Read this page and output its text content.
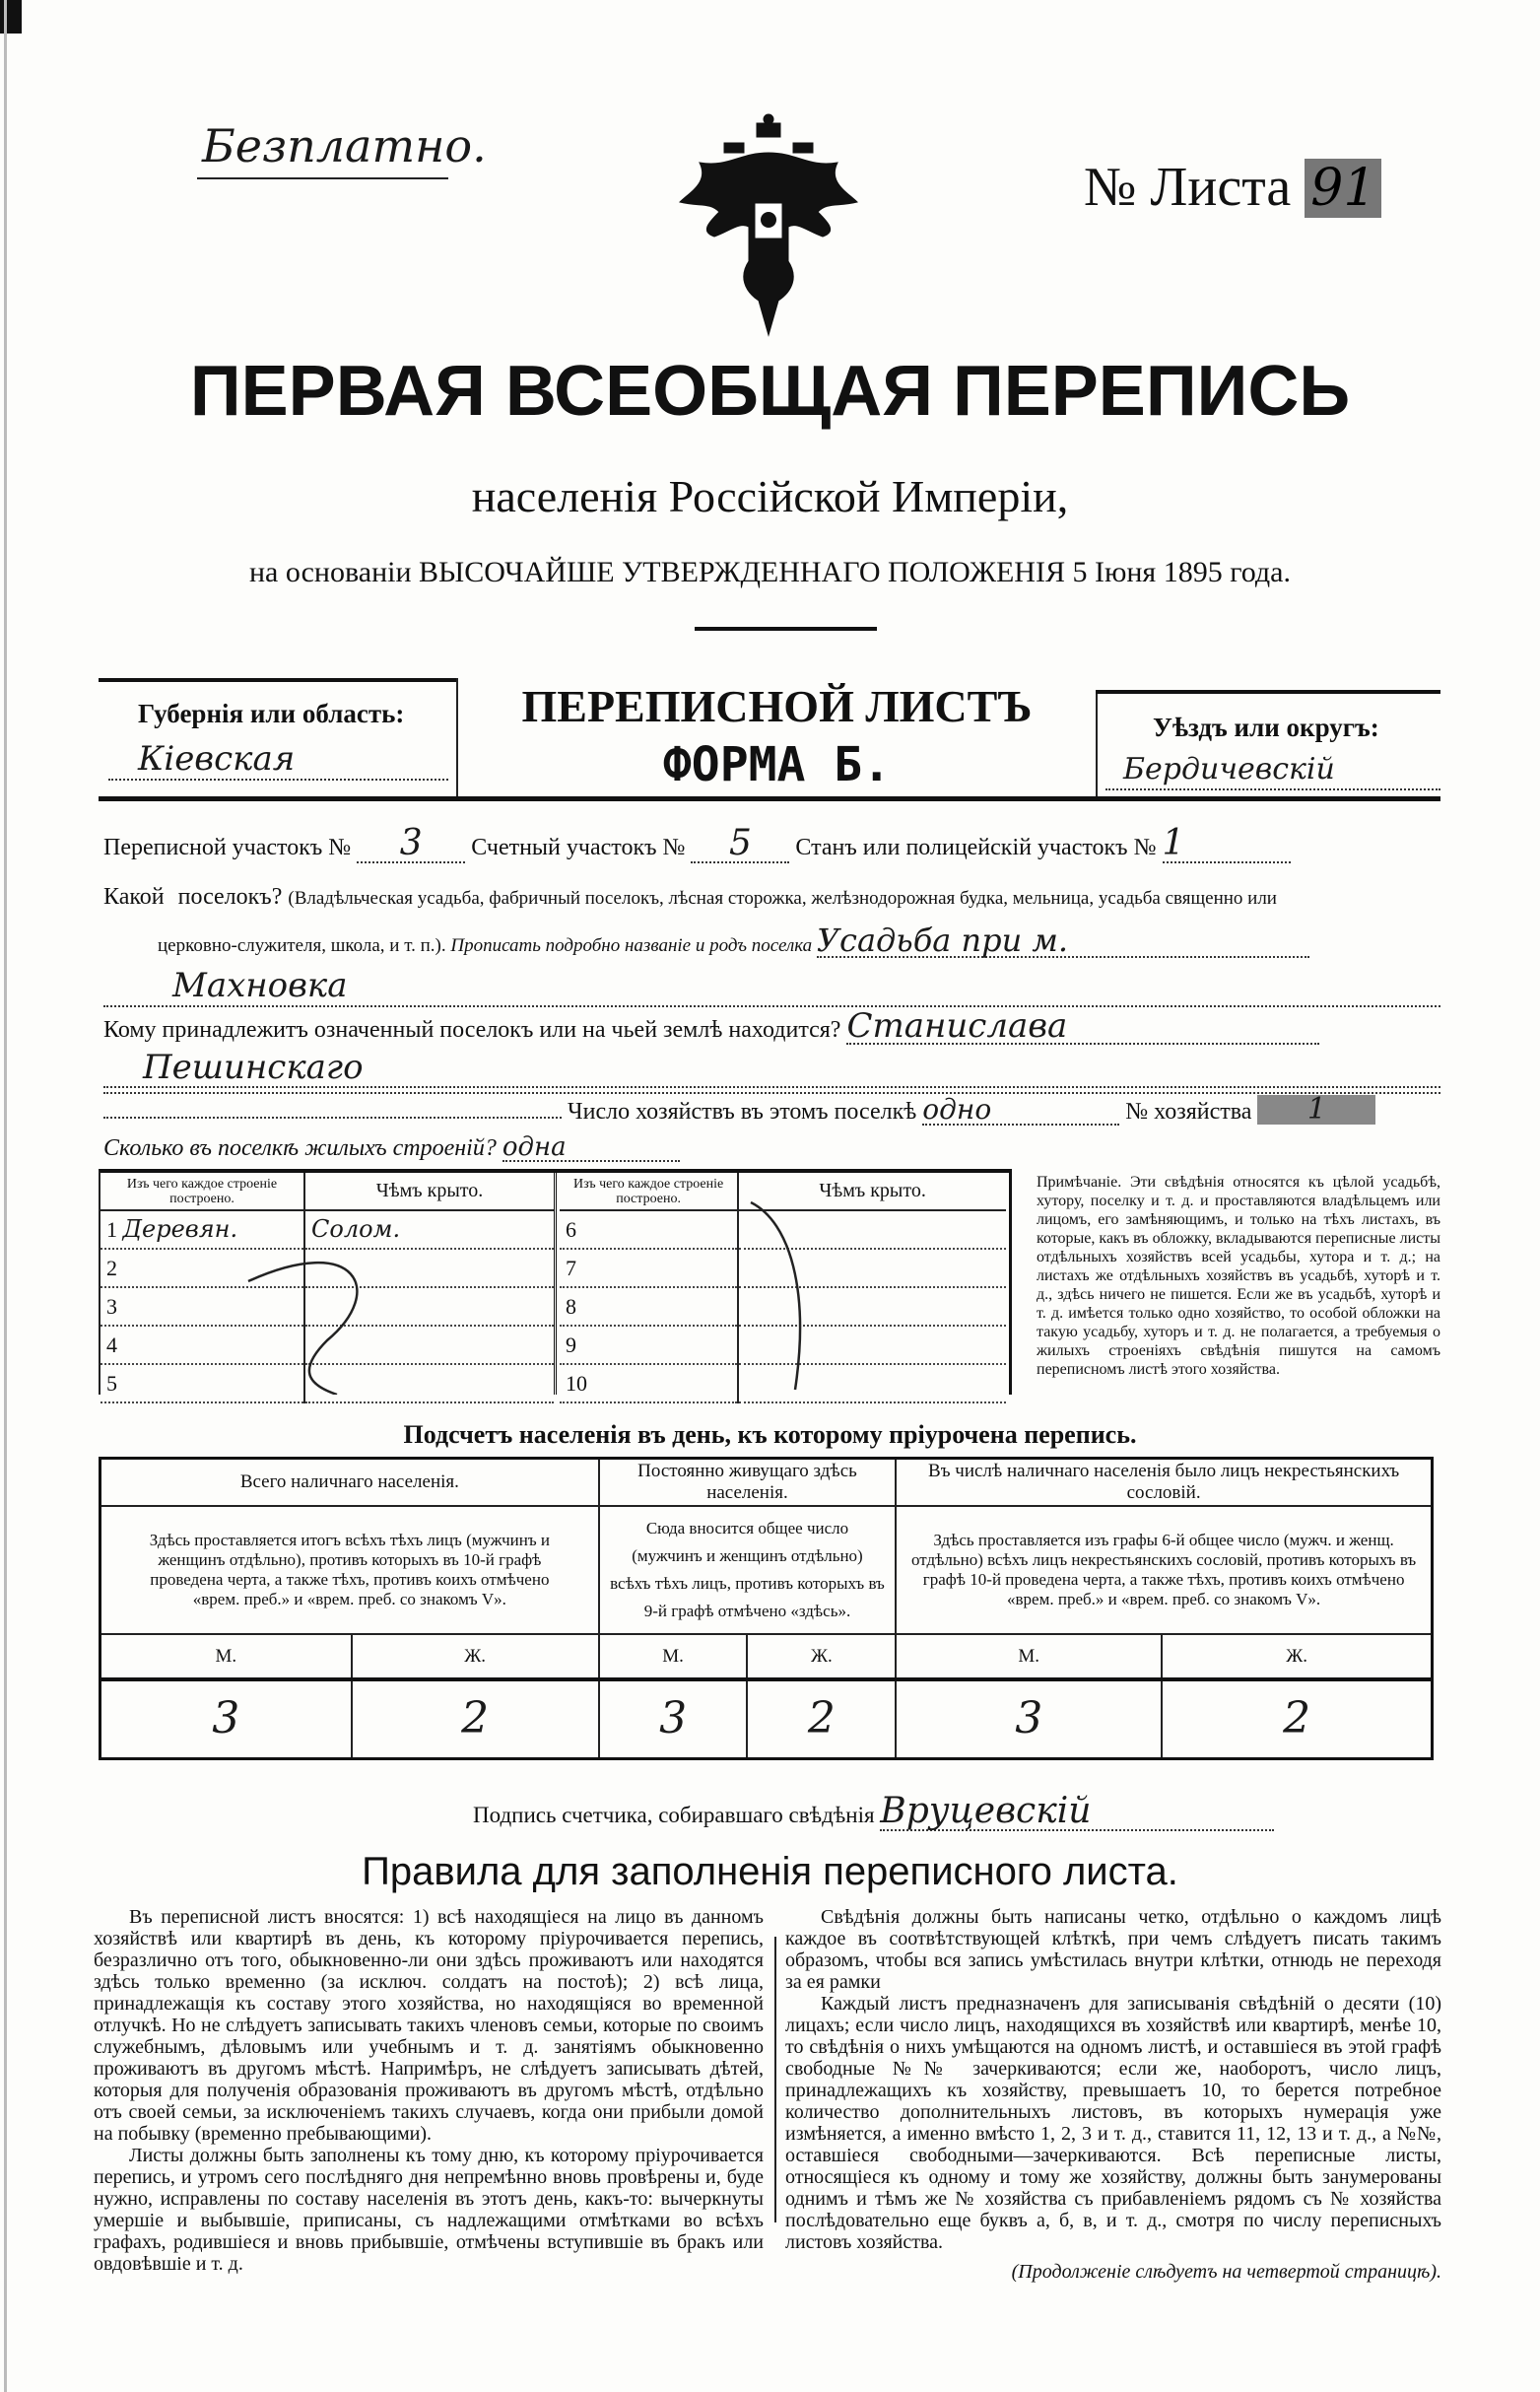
Безплатно.
№ Листа 91
ПЕРВАЯ ВСЕОБЩАЯ ПЕРЕПИСЬ
населенія Россійской Имперіи,
на основаніи ВЫСОЧАЙШЕ УТВЕРЖДЕННАГО ПОЛОЖЕНІЯ 5 Іюня 1895 года.
Губернія или область:
Кіевская
ПЕРЕПИСНОЙ ЛИСТЪ
ФОРМА Б.
Уѣздъ или округъ:
Бердичевскій
Переписной участокъ № 3 Счетный участокъ № 5 Станъ или полицейскій участокъ № 1
Какой поселокъ? (Владѣльческая усадьба, фабричный поселокъ, лѣсная сторожка, желѣзнодорожная будка, мельница, усадьба священно или
церковно-служителя, школа, и т. п.). Прописать подробно названіе и родъ поселка Усадьба при м.
Махновка
Кому принадлежитъ означенный поселокъ или на чьей землѣ находится? Станислава
Пешинскаго
Число хозяйствъ въ этомъ поселкѣ одно	№ хозяйства 1
Сколько въ поселкѣ жилыхъ строеній? одна
Изъ чего каждое строеніе построено.	Чѣмъ крыто.
1 Деревян.	Солом.
2	
3	
4	
5	
Изъ чего каждое строеніе построено.	Чѣмъ крыто.
6	
7	
8	
9	
10	
Примѣчаніе. Эти свѣдѣнія относятся къ цѣлой усадьбѣ, хутору, поселку и т. д. и проставляются владѣльцемъ или лицомъ, его замѣняющимъ, и только на тѣхъ листахъ, въ которые, какъ въ обложку, вкладываются переписные листы отдѣльныхъ хозяйствъ всей усадьбы, хутора и т. д.; на листахъ же отдѣльныхъ хозяйствъ въ усадьбѣ, хуторѣ и т. д., здѣсь ничего не пишется. Если же въ усадьбѣ, хуторѣ и т. д. имѣется только одно хозяйство, то особой обложки на такую усадьбу, хуторъ и т. д. не полагается, а требуемыя о жилыхъ строеніяхъ свѣдѣнія пишутся на самомъ переписномъ листѣ этого хозяйства.
Подсчетъ населенія въ день, къ которому пріурочена перепись.
Всего наличнаго населенія.		Постоянно живущаго здѣсь населенія.		Въ числѣ наличнаго населенія было лицъ некрестьянскихъ сословій.	
Здѣсь проставляется итогъ всѣхъ тѣхъ лицъ (мужчинъ и женщинъ отдѣльно), противъ которыхъ въ 10-й графѣ проведена черта, а также тѣхъ, противъ коихъ отмѣчено «врем. преб.» и «врем. преб. со знакомъ V».		Сюда вносится общее число (мужчинъ и женщинъ отдѣльно) всѣхъ тѣхъ лицъ, противъ которыхъ въ 9-й графѣ отмѣчено «здѣсь».		Здѣсь проставляется изъ графы 6-й общее число (мужч. и женщ. отдѣльно) всѣхъ лицъ некрестьянскихъ сословій, противъ которыхъ въ графѣ 10-й проведена черта, а также тѣхъ, противъ коихъ отмѣчено «врем. преб.» и «врем. преб. со знакомъ V».	
М.	Ж.	М.	Ж.	М.	Ж.
3	2	3	2	3	2
Подпись счетчика, собиравшаго свѣдѣнія Вруцевскій
Правила для заполненія переписного листа.

Въ переписной листъ вносятся: 1) всѣ находящіеся на лицо въ данномъ хозяйствѣ или квартирѣ въ день, къ которому пріурочивается перепись, безразлично отъ того, обыкновенно-ли они здѣсь проживаютъ или находятся здѣсь только временно (за исключ. солдатъ на постоѣ); 2) всѣ лица, принадлежащія къ составу этого хозяйства, но находящіяся во временной отлучкѣ. Но не слѣдуетъ записывать такихъ членовъ семьи, которые по своимъ служебнымъ, дѣловымъ или учебнымъ и т. д. занятіямъ обыкновенно проживаютъ въ другомъ мѣстѣ. Напримѣръ, не слѣдуетъ записывать дѣтей, которыя для полученія образованія проживаютъ въ другомъ мѣстѣ, отдѣльно отъ своей семьи, за исключеніемъ такихъ случаевъ, когда они прибыли домой на побывку (временно пребывающими).

Листы должны быть заполнены къ тому дню, къ которому пріурочивается перепись, и утромъ сего послѣдняго дня непремѣнно вновь провѣрены и, буде нужно, исправлены по составу населенія въ этотъ день, какъ-то: вычеркнуты умершіе и выбывшіе, приписаны, съ надлежащими отмѣтками во всѣхъ графахъ, родившіеся и вновь прибывшіе, отмѣчены вступившіе въ бракъ или овдовѣвшіе и т. д.

Свѣдѣнія должны быть написаны четко, отдѣльно о каждомъ лицѣ каждое въ соотвѣтствующей клѣткѣ, при чемъ слѣдуетъ писать такимъ образомъ, чтобы вся запись умѣстилась внутри клѣтки, отнюдь не переходя за ея рамки

Каждый листъ предназначенъ для записыванія свѣдѣній о десяти (10) лицахъ; если число лицъ, находящихся въ хозяйствѣ или квартирѣ, менѣе 10, то свѣдѣнія о нихъ умѣщаются на одномъ листѣ, и оставшіеся въ этой графѣ свободные №№ зачеркиваются; если же, наоборотъ, число лицъ, принадлежащихъ къ хозяйству, превышаетъ 10, то берется потребное количество дополнительныхъ листовъ, въ которыхъ нумерація уже измѣняется, а именно вмѣсто 1, 2, 3 и т. д., ставится 11, 12, 13 и т. д., а №№, оставшіеся свободными—зачеркиваются. Всѣ переписные листы, относящіеся къ одному и тому же хозяйству, должны быть занумерованы однимъ и тѣмъ же № хозяйства съ прибавленіемъ рядомъ съ № хозяйства послѣдовательно еще буквъ а, б, в, и т. д., смотря по числу переписныхъ листовъ хозяйства.

(Продолженіе слѣдуетъ на четвертой страницѣ).
